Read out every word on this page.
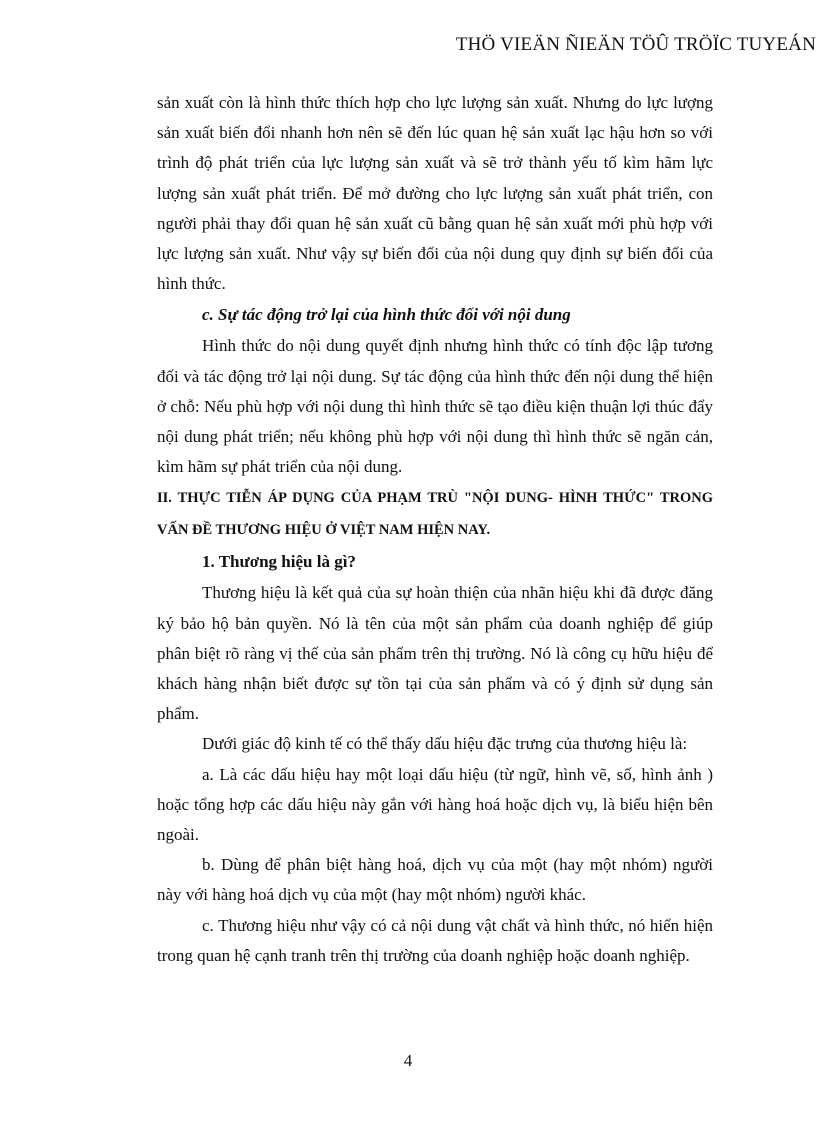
THÖ VIEÄN ÑIEÄN TÖÛ TRÖÏC TUYEÁN

sản xuất còn là hình thức thích hợp cho lực lượng sản xuất. Nhưng do lực lượng sản xuất biến đổi nhanh hơn nên sẽ đến lúc quan hệ sản xuất lạc hậu hơn so với trình độ phát triển của lực lượng sản xuất và sẽ trở thành yếu tố kìm hãm lực lượng sản xuất phát triển. Để mở đường cho lực lượng sản xuất phát triển, con người phải thay đổi quan hệ sản xuất cũ bằng quan hệ sản xuất mới phù hợp với lực lượng sản xuất. Như vậy sự biến đổi của nội dung quy định sự biến đổi của hình thức.

c. Sự tác động trở lại của hình thức đối với nội dung

Hình thức do nội dung quyết định nhưng hình thức có tính độc lập tương đối và tác động trở lại nội dung. Sự tác động của hình thức đến nội dung thể hiện ở chỗ: Nếu phù hợp với nội dung thì hình thức sẽ tạo điều kiện thuận lợi thúc đẩy nội dung phát triển; nếu không phù hợp với nội dung thì hình thức sẽ ngăn cản, kìm hãm sự phát triển của nội dung.

II. THỰC TIỄN ÁP DỤNG CỦA PHẠM TRÙ "NỘI DUNG- HÌNH THỨC" TRONG VẤN ĐỀ THƯƠNG HIỆU Ở VIỆT NAM HIỆN NAY.

1. Thương hiệu là gì?

Thương hiệu là kết quả của sự hoàn thiện của nhãn hiệu khi đã được đăng ký bảo hộ bản quyền. Nó là tên của một sản phẩm của doanh nghiệp để giúp phân biệt rõ ràng vị thế của sản phẩm trên thị trường. Nó là công cụ hữu hiệu để khách hàng nhận biết được sự tồn tại của sản phẩm và có ý định sử dụng sản phẩm.

Dưới giác độ kinh tế có thể thấy dấu hiệu đặc trưng của thương hiệu là:

a. Là các dấu hiệu hay một loại dấu hiệu (từ ngữ, hình vẽ, số, hình ảnh ) hoặc tổng hợp các dấu hiệu này gắn với hàng hoá hoặc dịch vụ, là biểu hiện bên ngoài.

b. Dùng để phân biệt hàng hoá, dịch vụ của một (hay một nhóm) người này với hàng hoá dịch vụ của một (hay một nhóm) người khác.

c. Thương hiệu như vậy có cả nội dung vật chất và hình thức, nó hiển hiện trong quan hệ cạnh tranh trên thị trường của doanh nghiệp hoặc doanh nghiệp.

4
